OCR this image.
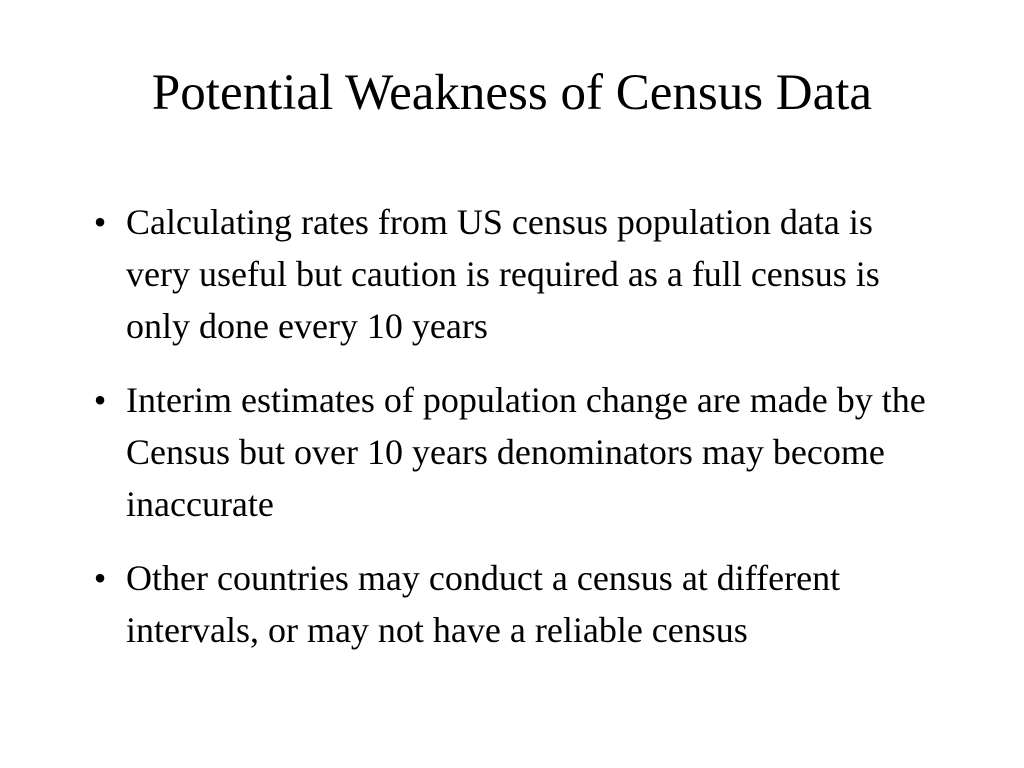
Potential Weakness of Census Data
• Calculating rates from US census population data is very useful but caution is required as a full census is only done every 10 years
• Interim estimates of population change are made by the Census but over 10 years denominators may become inaccurate
• Other countries may conduct a census at different intervals, or may not have a reliable census
